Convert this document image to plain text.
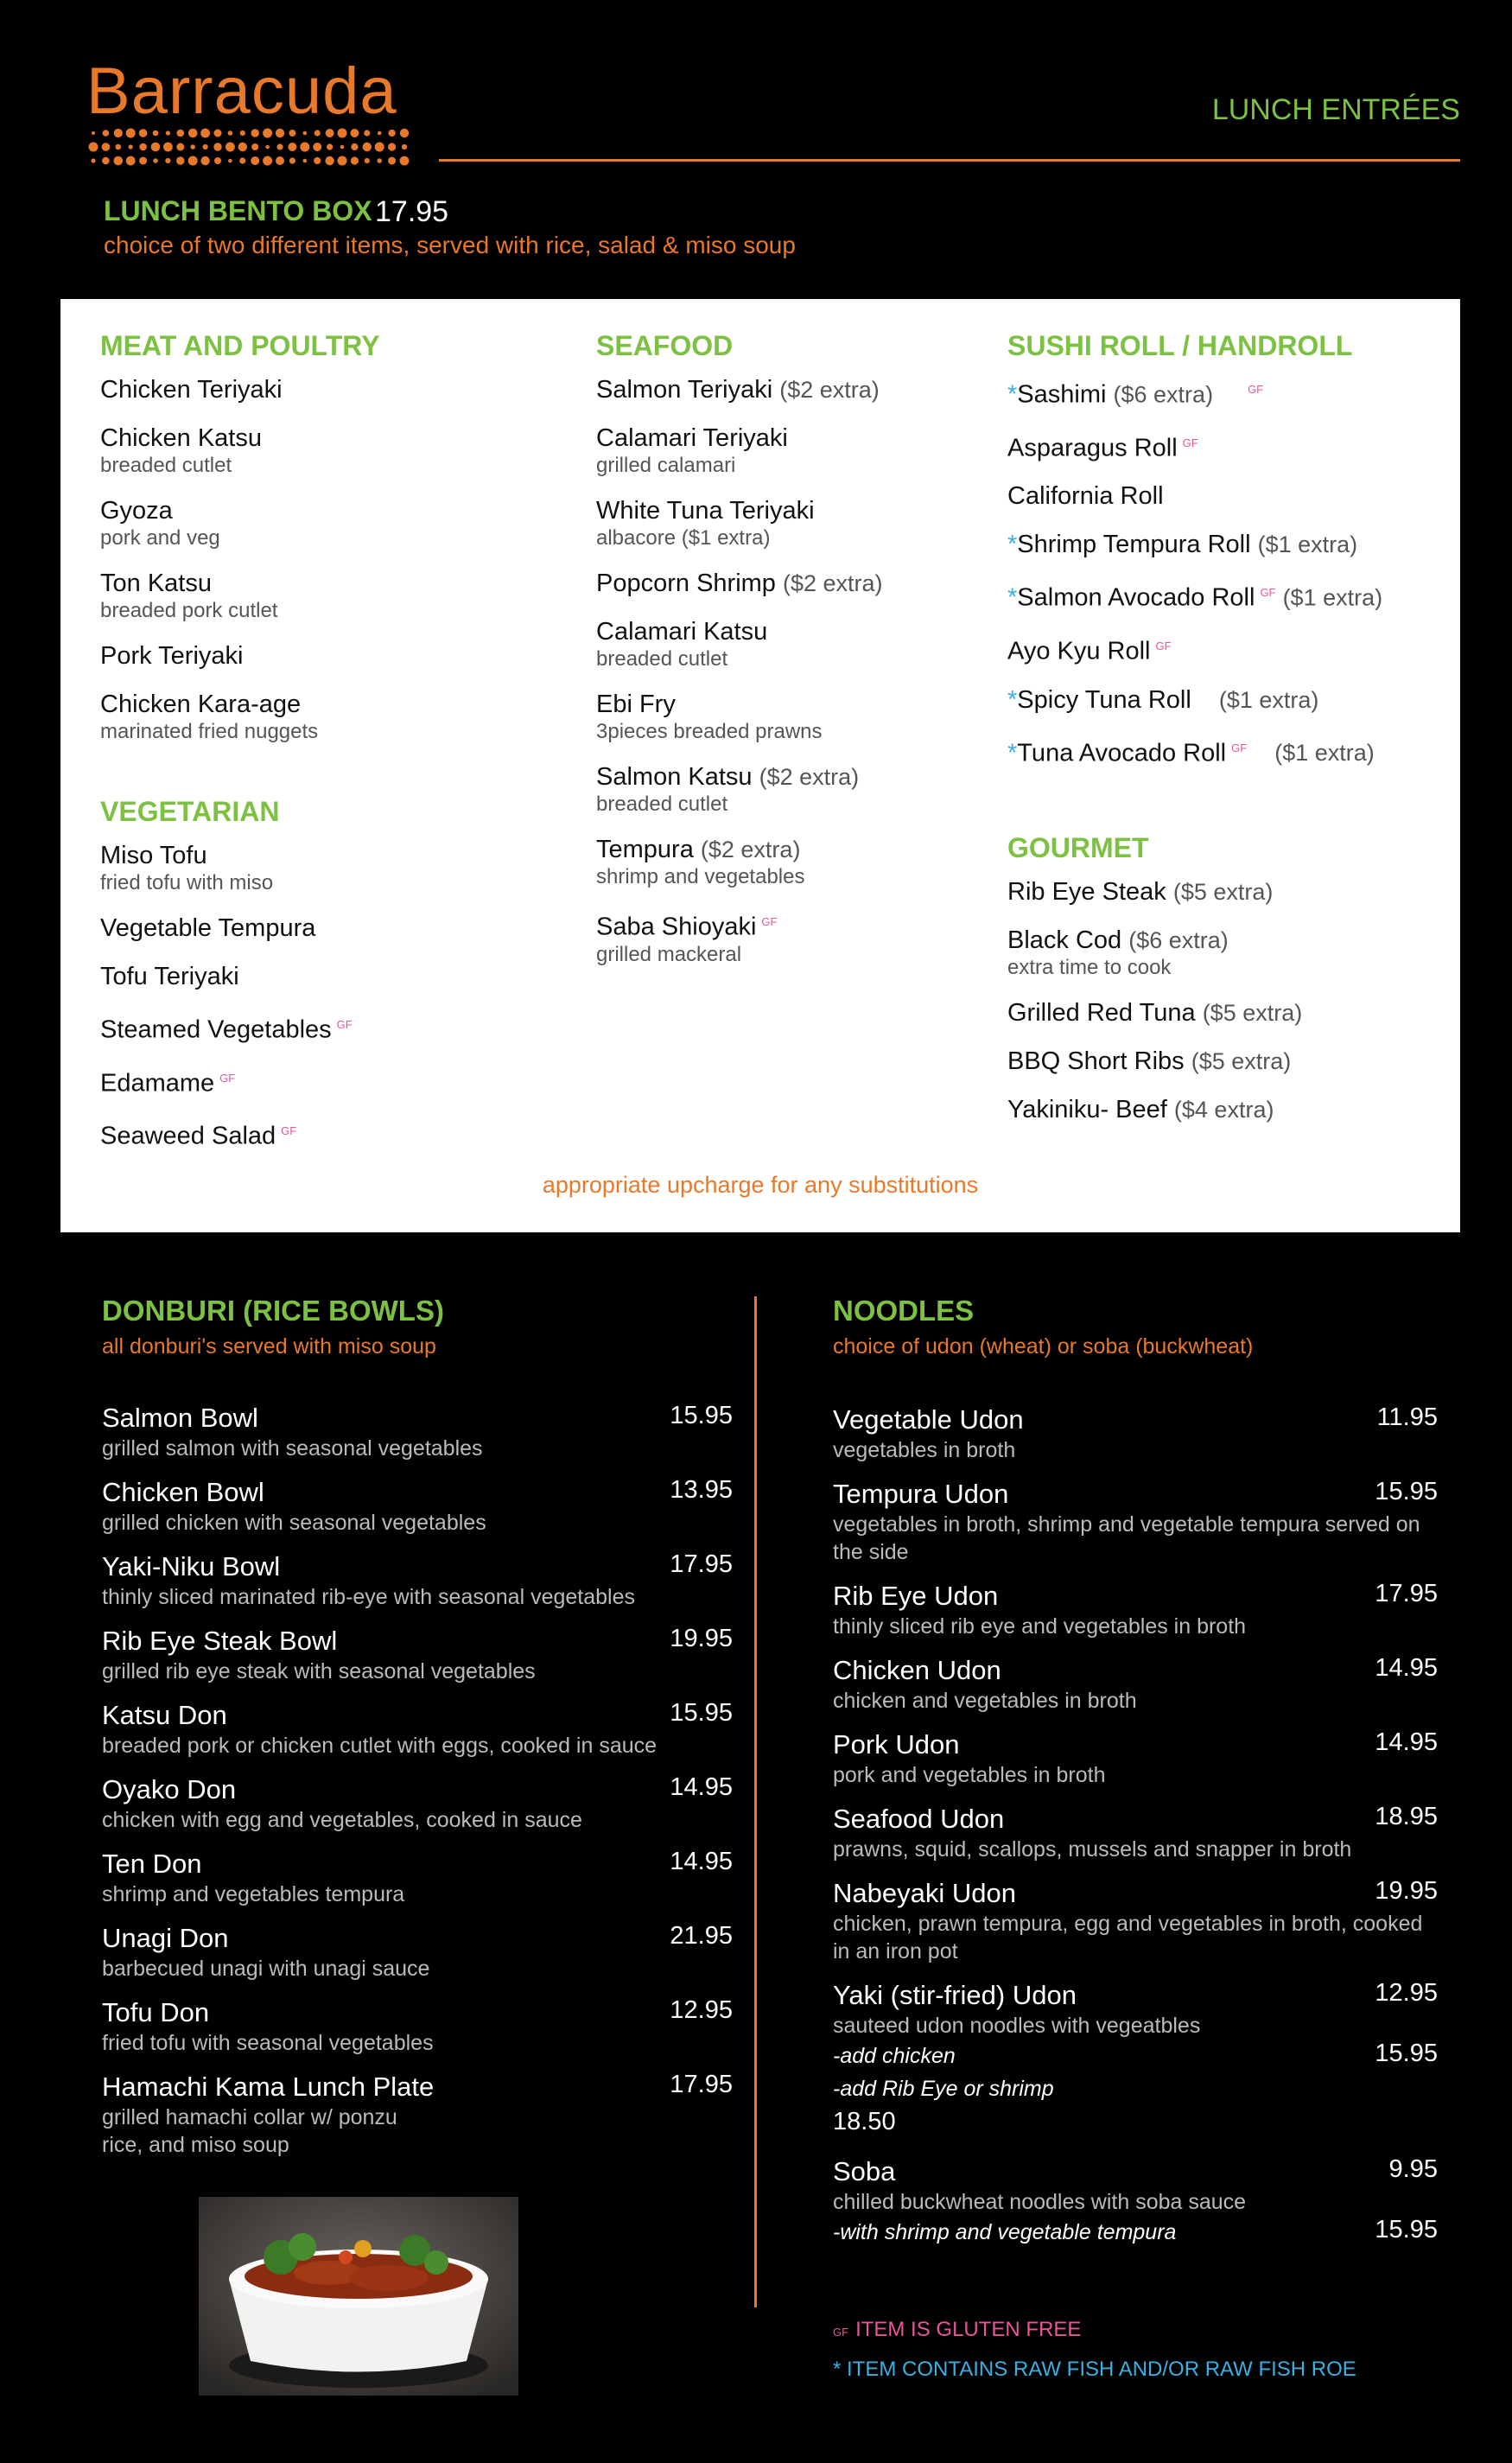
Barracuda	LUNCH ENTRÉES
LUNCH BENTO BOX 17.95
choice of two different items, served with rice, salad & miso soup
MEAT AND POULTRY
Chicken Teriyaki
Chicken Katsu
breaded cutlet
Gyoza
pork and veg
Ton Katsu
breaded pork cutlet
Pork Teriyaki
Chicken Kara-age
marinated fried nuggets
VEGETARIAN
Miso Tofu
fried tofu with miso
Vegetable Tempura
Tofu Teriyaki
Steamed Vegetables $^{GF}$
Edamame $^{GF}$
Seaweed Salad $^{GF}$
SEAFOOD
Salmon Teriyaki ($2 extra)
Calamari Teriyaki
grilled calamari
White Tuna Teriyaki
albacore ($1 extra)
Popcorn Shrimp ($2 extra)
Calamari Katsu
breaded cutlet
Ebi Fry
3pieces breaded prawns
Salmon Katsu ($2 extra)
breaded cutlet
Tempura ($2 extra)
shrimp and vegetables
Saba Shioyaki $^{GF}$
grilled mackeral
SUSHI ROLL / HANDROLL
*Sashimi ($6 extra)	$^{GF}$
Asparagus Roll $^{GF}$
California Roll
*Shrimp Tempura Roll ($1 extra)
*Salmon Avocado Roll $^{GF}$ ($1 extra)
Ayo Kyu Roll $^{GF}$
*Spicy Tuna Roll ($1 extra)
*Tuna Avocado Roll $^{GF}$ ($1 extra)
GOURMET
Rib Eye Steak ($5 extra)
Black Cod ($6 extra)
extra time to cook
Grilled Red Tuna ($5 extra)
BBQ Short Ribs ($5 extra)
Yakiniku- Beef ($4 extra)
appropriate upcharge for any substitutions
DONBURI (RICE BOWLS)
all donburi's served with miso soup
Salmon Bowl	15.95
grilled salmon with seasonal vegetables
Chicken Bowl	13.95
grilled chicken with seasonal vegetables
Yaki-Niku Bowl	17.95
thinly sliced marinated rib-eye with seasonal vegetables
Rib Eye Steak Bowl	19.95
grilled rib eye steak with seasonal vegetables
Katsu Don	15.95
breaded pork or chicken cutlet with eggs, cooked in sauce
Oyako Don	14.95
chicken with egg and vegetables, cooked in sauce
Ten Don	14.95
shrimp and vegetables tempura
Unagi Don	21.95
barbecued unagi with unagi sauce
Tofu Don	12.95
fried tofu with seasonal vegetables
Hamachi Kama Lunch Plate	17.95
grilled hamachi collar w/ ponzu
rice, and miso soup
NOODLES
choice of udon (wheat) or soba (buckwheat)
Vegetable Udon	11.95
vegetables in broth
Tempura Udon	15.95
vegetables in broth, shrimp and vegetable tempura served on
the side
Rib Eye Udon	17.95
thinly sliced rib eye and vegetables in broth
Chicken Udon	14.95
chicken and vegetables in broth
Pork Udon	14.95
pork and vegetables in broth
Seafood Udon	18.95
prawns, squid, scallops, mussels and snapper in broth
Nabeyaki Udon	19.95
chicken, prawn tempura, egg and vegetables in broth, cooked
in an iron pot
Yaki (stir-fried) Udon	12.95
sauteed udon noodles with vegeatbles
-add chicken	15.95
-add Rib Eye or shrimp
18.50
Soba	9.95
chilled buckwheat noodles with soba sauce
-with shrimp and vegetable tempura	15.95
GF ITEM IS GLUTEN FREE
* ITEM CONTAINS RAW FISH AND/OR RAW FISH ROE
